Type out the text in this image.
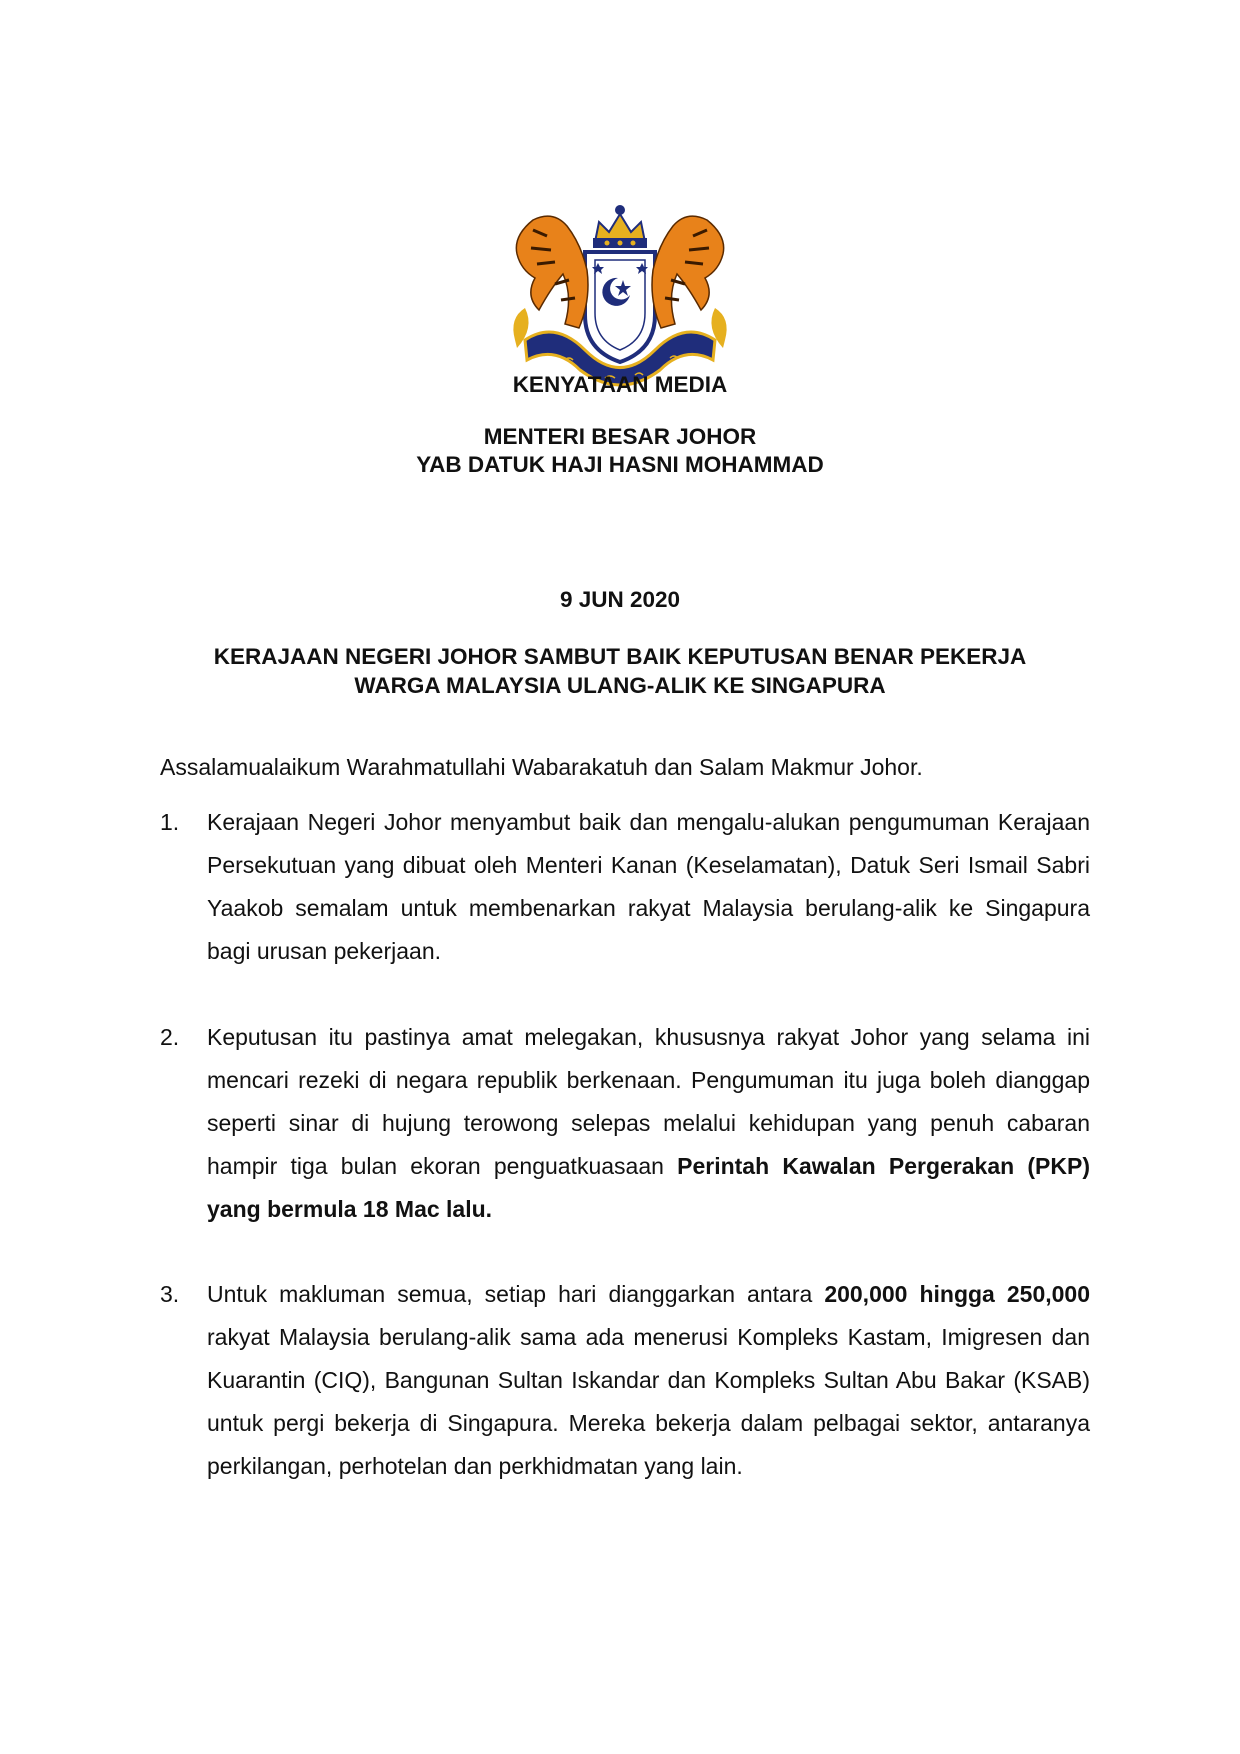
KENYATAAN MEDIA
MENTERI BESAR JOHOR
YAB DATUK HAJI HASNI MOHAMMAD
9 JUN 2020
KERAJAAN NEGERI JOHOR SAMBUT BAIK KEPUTUSAN BENAR PEKERJA
WARGA MALAYSIA ULANG-ALIK KE SINGAPURA
Assalamualaikum Warahmatullahi Wabarakatuh dan Salam Makmur Johor.
1.	Kerajaan Negeri Johor menyambut baik dan mengalu-alukan pengumuman Kerajaan Persekutuan yang dibuat oleh Menteri Kanan (Keselamatan), Datuk Seri Ismail Sabri Yaakob semalam untuk membenarkan rakyat Malaysia berulang-alik ke Singapura bagi urusan pekerjaan.
2.	Keputusan itu pastinya amat melegakan, khususnya rakyat Johor yang selama ini mencari rezeki di negara republik berkenaan. Pengumuman itu juga boleh dianggap seperti sinar di hujung terowong selepas melalui kehidupan yang penuh cabaran hampir tiga bulan ekoran penguatkuasaan Perintah Kawalan Pergerakan (PKP) yang bermula 18 Mac lalu.
3.	Untuk makluman semua, setiap hari dianggarkan antara 200,000 hingga 250,000 rakyat Malaysia berulang-alik sama ada menerusi Kompleks Kastam, Imigresen dan Kuarantin (CIQ), Bangunan Sultan Iskandar dan Kompleks Sultan Abu Bakar (KSAB) untuk pergi bekerja di Singapura. Mereka bekerja dalam pelbagai sektor, antaranya perkilangan, perhotelan dan perkhidmatan yang lain.
